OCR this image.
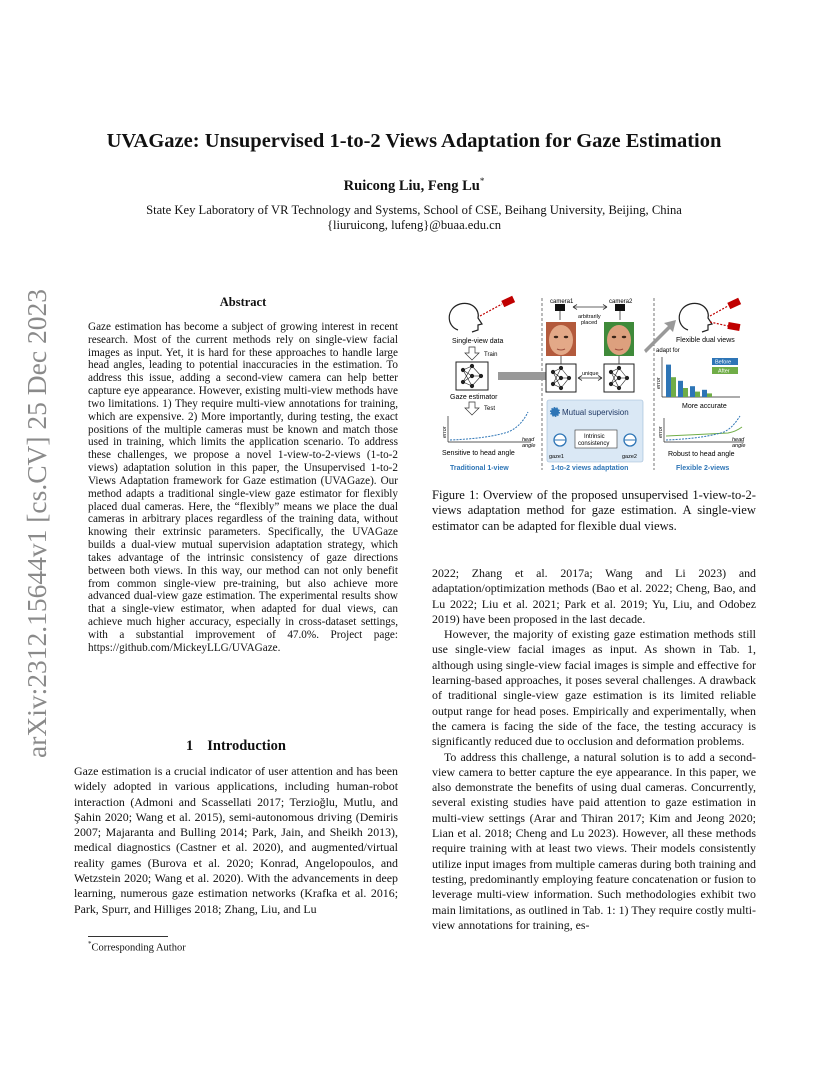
arXiv:2312.15644v1 [cs.CV] 25 Dec 2023
UVAGaze: Unsupervised 1-to-2 Views Adaptation for Gaze Estimation
Ruicong Liu, Feng Lu*
State Key Laboratory of VR Technology and Systems, School of CSE, Beihang University, Beijing, China
{liuruicong, lufeng}@buaa.edu.cn
Abstract
Gaze estimation has become a subject of growing interest in recent research. Most of the current methods rely on single-view facial images as input. Yet, it is hard for these approaches to handle large head angles, leading to potential inaccuracies in the estimation. To address this issue, adding a second-view camera can help better capture eye appearance. However, existing multi-view methods have two limitations. 1) They require multi-view annotations for training, which are expensive. 2) More importantly, during testing, the exact positions of the multiple cameras must be known and match those used in training, which limits the application scenario. To address these challenges, we propose a novel 1-view-to-2-views (1-to-2 views) adaptation solution in this paper, the Unsupervised 1-to-2 Views Adaptation framework for Gaze estimation (UVAGaze). Our method adapts a traditional single-view gaze estimator for flexibly placed dual cameras. Here, the “flexibly” means we place the dual cameras in arbitrary places regardless of the training data, without knowing their extrinsic parameters. Specifically, the UVAGaze builds a dual-view mutual supervision adaptation strategy, which takes advantage of the intrinsic consistency of gaze directions between both views. In this way, our method can not only benefit from common single-view pre-training, but also achieve more advanced dual-view gaze estimation. The experimental results show that a single-view estimator, when adapted for dual views, can achieve much higher accuracy, especially in cross-dataset settings, with a substantial improvement of 47.0%. Project page: https://github.com/MickeyLLG/UVAGaze.
1 Introduction
Gaze estimation is a crucial indicator of user attention and has been widely adopted in various applications, including human-robot interaction (Admoni and Scassellati 2017; Terzioğlu, Mutlu, and Şahin 2020; Wang et al. 2015), semi-autonomous driving (Demiris 2007; Majaranta and Bulling 2014; Park, Jain, and Sheikh 2013), medical diagnostics (Castner et al. 2020), and augmented/virtual reality games (Burova et al. 2020; Konrad, Angelopoulos, and Wetzstein 2020; Wang et al. 2020). With the advancements in deep learning, numerous gaze estimation networks (Krafka et al. 2016; Park, Spurr, and Hilliges 2018; Zhang, Liu, and Lu
*Corresponding Author
Single-view data
Train
Gaze estimator
Test
error
head
angle
Sensitive to head angle
Traditional 1-view
camera1	camera2
arbitrarily
placed
unique
Mutual supervision
Intrinsic
consistency
gaze1	gaze2
1-to-2 views adaptation
Flexible dual views
adapt for
error
Before
After
More accurate
error
head
angle
Robust to head angle
Flexible 2-views
Figure 1: Overview of the proposed unsupervised 1-view-to-2-views adaptation method for gaze estimation. A single-view estimator can be adapted for flexible dual views.

2022; Zhang et al. 2017a; Wang and Li 2023) and adaptation/optimization methods (Bao et al. 2022; Cheng, Bao, and Lu 2022; Liu et al. 2021; Park et al. 2019; Yu, Liu, and Odobez 2019) have been proposed in the last decade.

However, the majority of existing gaze estimation methods still use single-view facial images as input. As shown in Tab. 1, although using single-view facial images is simple and effective for learning-based approaches, it poses several challenges. A drawback of traditional single-view gaze estimation is its limited reliable output range for head poses. Empirically and experimentally, when the camera is facing the side of the face, the testing accuracy is significantly reduced due to occlusion and deformation problems.

To address this challenge, a natural solution is to add a second-view camera to better capture the eye appearance. In this paper, we also demonstrate the benefits of using dual cameras. Concurrently, several existing studies have paid attention to gaze estimation in multi-view settings (Arar and Thiran 2017; Kim and Jeong 2020; Lian et al. 2018; Cheng and Lu 2023). However, all these methods require training with at least two views. Their models consistently utilize input images from multiple cameras during both training and testing, predominantly employing feature concatenation or fusion to leverage multi-view information. Such methodologies exhibit two main limitations, as outlined in Tab. 1: 1) They require costly multi-view annotations for training, es-
